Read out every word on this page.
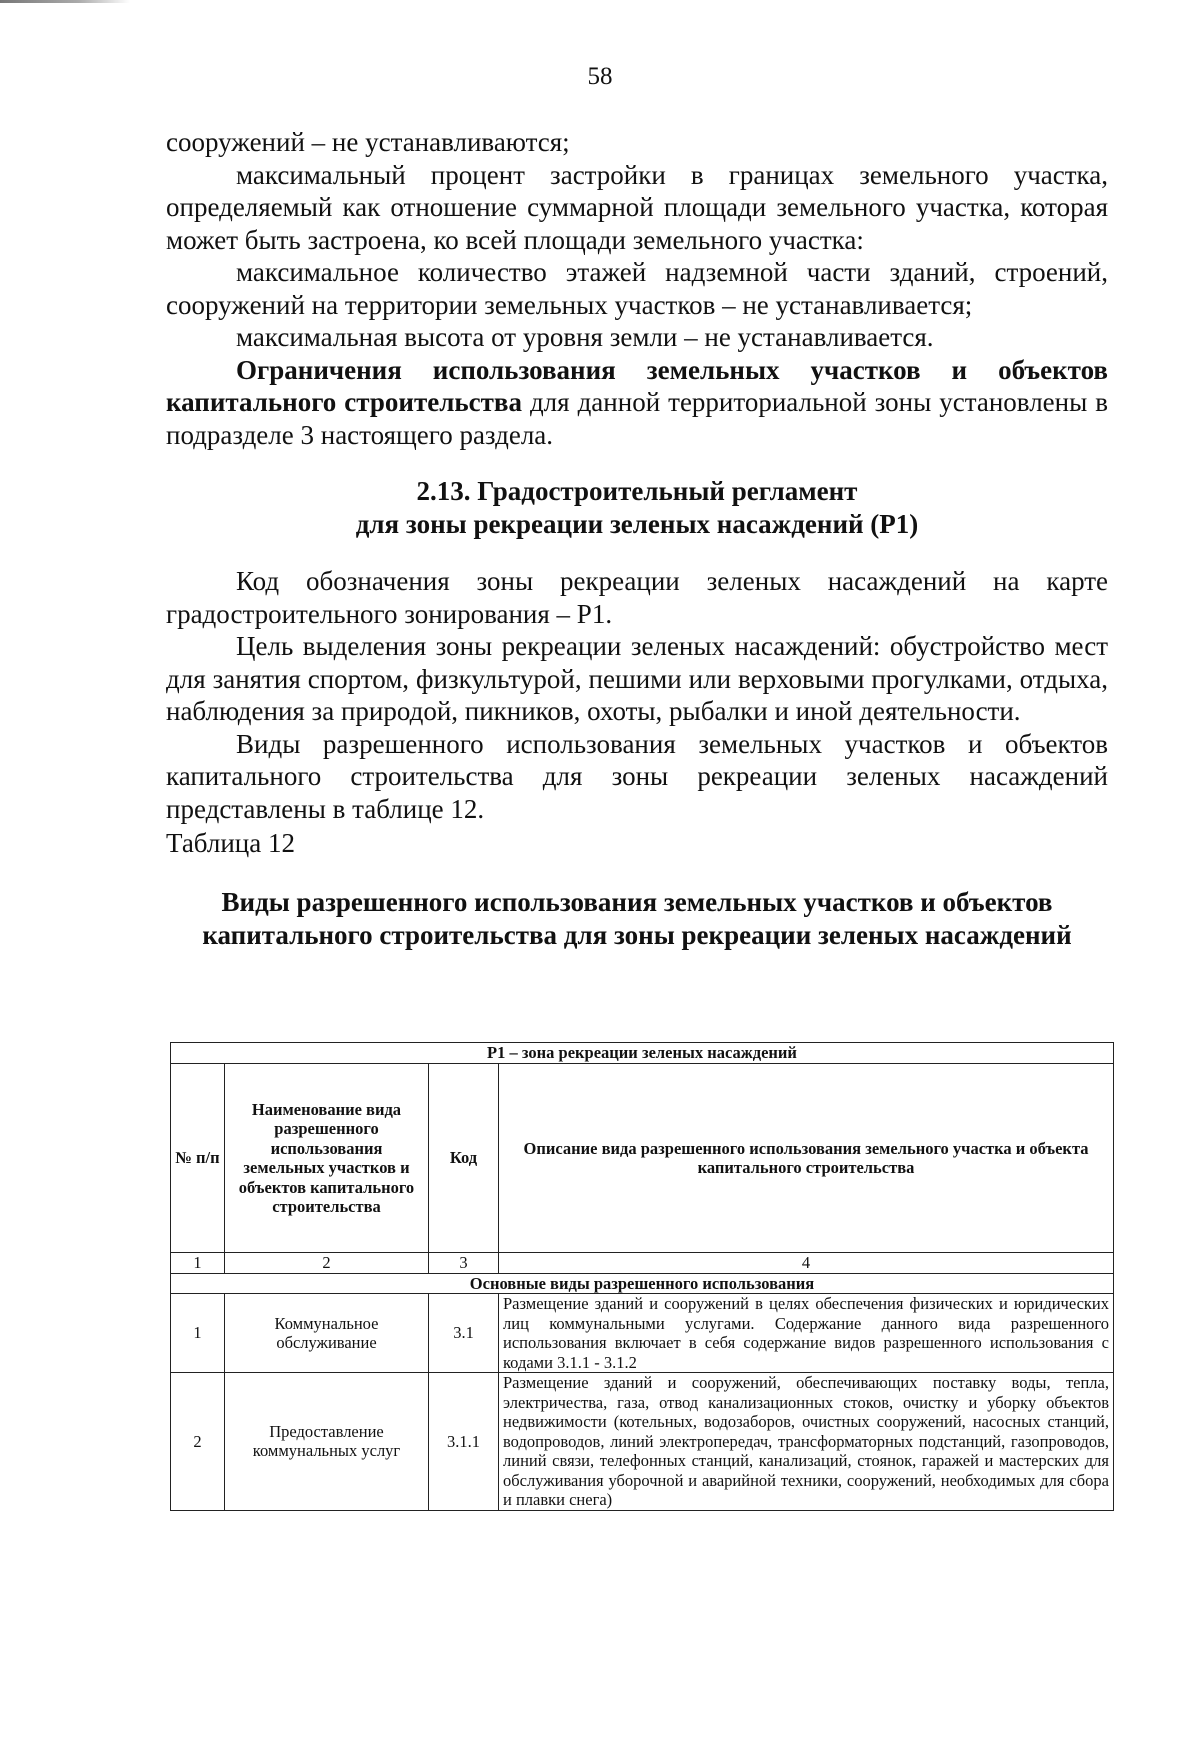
58

сооружений – не устанавливаются;

максимальный процент застройки в границах земельного участка, определяемый как отношение суммарной площади земельного участка, которая может быть застроена, ко всей площади земельного участка:

максимальное количество этажей надземной части зданий, строений, сооружений на территории земельных участков – не устанавливается;

максимальная высота от уровня земли – не устанавливается.

Ограничения использования земельных участков и объектов капитального строительства для данной территориальной зоны установлены в подразделе 3 настоящего раздела.

2.13. Градостроительный регламент
для зоны рекреации зеленых насаждений (Р1)

Код обозначения зоны рекреации зеленых насаждений на карте градостроительного зонирования – Р1.

Цель выделения зоны рекреации зеленых насаждений: обустройство мест для занятия спортом, физкультурой, пешими или верховыми прогулками, отдыха, наблюдения за природой, пикников, охоты, рыбалки и иной деятельности.

Виды разрешенного использования земельных участков и объектов капитального строительства для зоны рекреации зеленых насаждений представлены в таблице 12.

Таблица 12

Виды разрешенного использования земельных участков и объектов
капитального строительства для зоны рекреации зеленых насаждений
Р1 – зона рекреации зеленых насаждений			
№ п/п	Наименование вида разрешенного использования земельных участков и объектов капитального строительства	Код	Описание вида разрешенного использования земельного участка и объекта капитального строительства
1	2	3	4
Основные виды разрешенного использования			
1	Коммунальное обслуживание	3.1	Размещение зданий и сооружений в целях обеспечения физических и юридических лиц коммунальными услугами. Содержание данного вида разрешенного использования включает в себя содержание видов разрешенного использования с кодами 3.1.1 - 3.1.2
2	Предоставление коммунальных услуг	3.1.1	Размещение зданий и сооружений, обеспечивающих поставку воды, тепла, электричества, газа, отвод канализационных стоков, очистку и уборку объектов недвижимости (котельных, водозаборов, очистных сооружений, насосных станций, водопроводов, линий электропередач, трансформаторных подстанций, газопроводов, линий связи, телефонных станций, канализаций, стоянок, гаражей и мастерских для обслуживания уборочной и аварийной техники, сооружений, необходимых для сбора и плавки снега)
